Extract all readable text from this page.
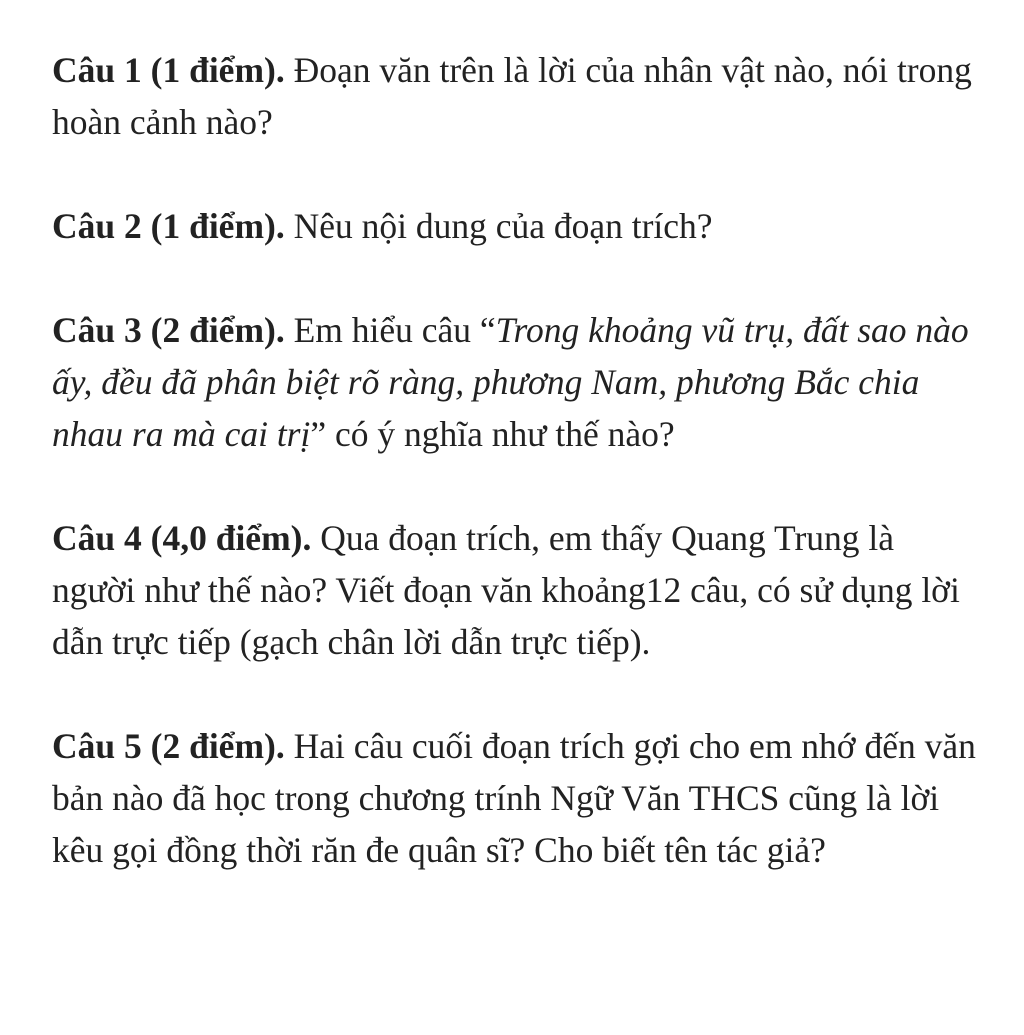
Câu 1 (1 điểm). Đoạn văn trên là lời của nhân vật nào, nói trong hoàn cảnh nào?

Câu 2 (1 điểm). Nêu nội dung của đoạn trích?

Câu 3 (2 điểm). Em hiểu câu “Trong khoảng vũ trụ, đất sao nào ấy, đều đã phân biệt rõ ràng, phương Nam, phương Bắc chia nhau ra mà cai trị” có ý nghĩa như thế nào?

Câu 4 (4,0 điểm). Qua đoạn trích, em thấy Quang Trung là người như thế nào? Viết đoạn văn khoảng12 câu, có sử dụng lời dẫn trực tiếp (gạch chân lời dẫn trực tiếp).

Câu 5 (2 điểm). Hai câu cuối đoạn trích gợi cho em nhớ đến văn bản nào đã học trong chương trính Ngữ Văn THCS cũng là lời kêu gọi đồng thời răn đe quân sĩ? Cho biết tên tác giả?
